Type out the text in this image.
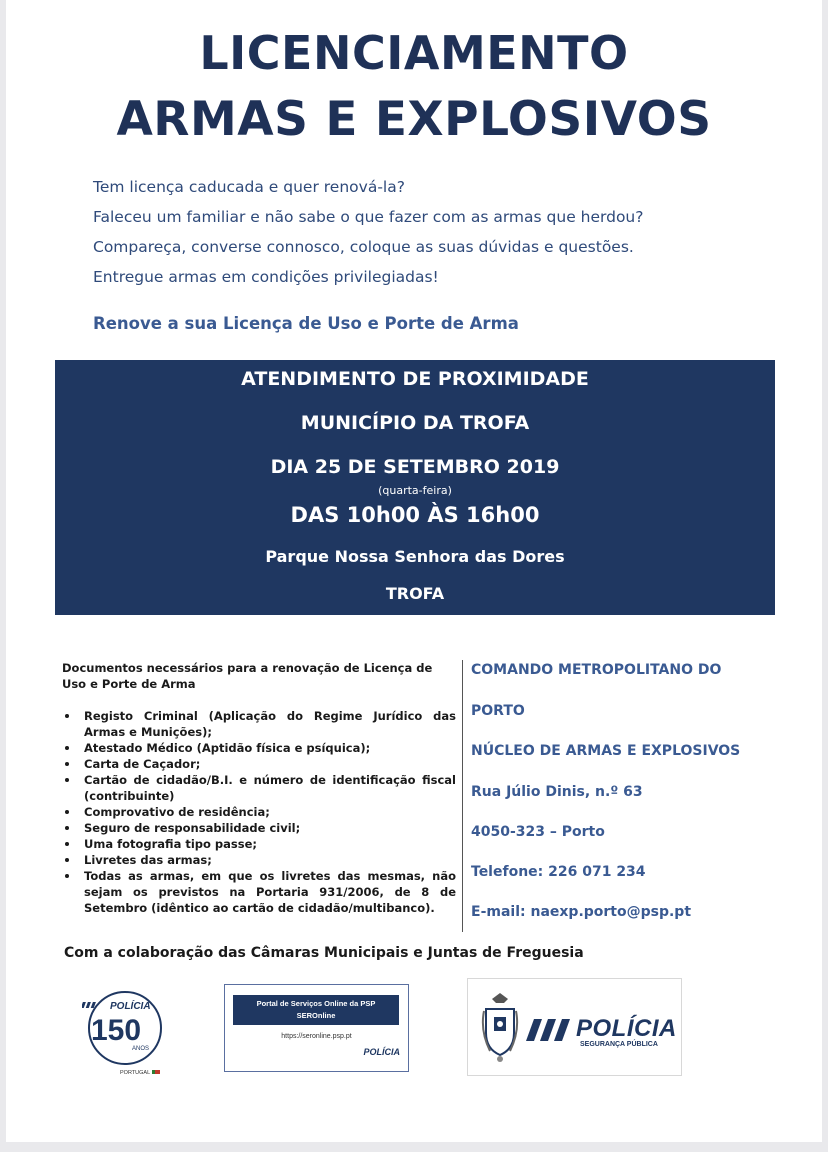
LICENCIAMENTO
ARMAS E EXPLOSIVOS
Tem licença caducada e quer renová-la?
Faleceu um familiar e não sabe o que fazer com as armas que herdou?
Compareça, converse connosco, coloque as suas dúvidas e questões.
Entregue armas em condições privilegiadas!
Renove a sua Licença de Uso e Porte de Arma
ATENDIMENTO DE PROXIMIDADE
MUNICÍPIO DA TROFA
DIA 25 DE SETEMBRO 2019
(quarta-feira)
DAS 10h00 ÀS 16h00
Parque Nossa Senhora das Dores
TROFA
Documentos necessários para a renovação de Licença de Uso e Porte de Arma
Registo Criminal (Aplicação do Regime Jurídico das Armas e Munições);
Atestado Médico (Aptidão física e psíquica);
Carta de Caçador;
Cartão de cidadão/B.I. e número de identificação fiscal (contribuinte)
Comprovativo de residência;
Seguro de responsabilidade civil;
Uma fotografia tipo passe;
Livretes das armas;
Todas as armas, em que os livretes das mesmas, não sejam os previstos na Portaria 931/2006, de 8 de Setembro (idêntico ao cartão de cidadão/multibanco).
COMANDO METROPOLITANO DO
PORTO
NÚCLEO DE ARMAS E EXPLOSIVOS
Rua Júlio Dinis, n.º 63
4050-323 – Porto
Telefone: 226 071 234
E-mail: naexp.porto@psp.pt
Com a colaboração das Câmaras Municipais e Juntas de Freguesia
POLÍCIA
150
ANOS
PORTUGAL
Portal de Serviços Online da PSP
SEROnline
https://seronline.psp.pt
POLÍCIA
POLÍCIA
SEGURANÇA PÚBLICA
